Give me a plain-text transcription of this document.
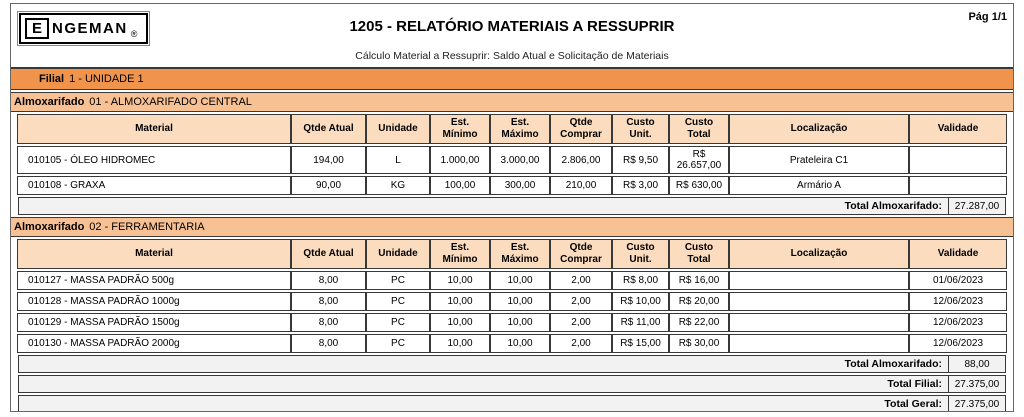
E NGEMAN ®	1205 - RELATÓRIO MATERIAIS A RESSUPRIR
Pág 1/1
Cálculo Material a Ressuprir: Saldo Atual e Solicitação de Materiais
Filial 1 - UNIDADE 1
Almoxarifado 01 - ALMOXARIFADO CENTRAL
Material	Qtde Atual	Unidade	Est. Mínimo	Est. Máximo	Qtde Comprar	Custo Unit.	Custo Total	Localização	Validade
010105 - ÓLEO HIDROMEC	194,00	L	1.000,00	3.000,00	2.806,00	R$ 9,50	R$ 26.657,00	Prateleira C1	
010108 - GRAXA	90,00	KG	100,00	300,00	210,00	R$ 3,00	R$ 630,00	Armário A	
Total Almoxarifado:	27.287,00
Almoxarifado 02 - FERRAMENTARIA
Material	Qtde Atual	Unidade	Est. Mínimo	Est. Máximo	Qtde Comprar	Custo Unit.	Custo Total	Localização	Validade
010127 - MASSA PADRÃO 500g	8,00	PC	10,00	10,00	2,00	R$ 8,00	R$ 16,00		01/06/2023
010128 - MASSA PADRÃO 1000g	8,00	PC	10,00	10,00	2,00	R$ 10,00	R$ 20,00		12/06/2023
010129 - MASSA PADRÃO 1500g	8,00	PC	10,00	10,00	2,00	R$ 11,00	R$ 22,00		12/06/2023
010130 - MASSA PADRÃO 2000g	8,00	PC	10,00	10,00	2,00	R$ 15,00	R$ 30,00		12/06/2023
Total Almoxarifado:	88,00
Total Filial:	27.375,00
Total Geral:	27.375,00
